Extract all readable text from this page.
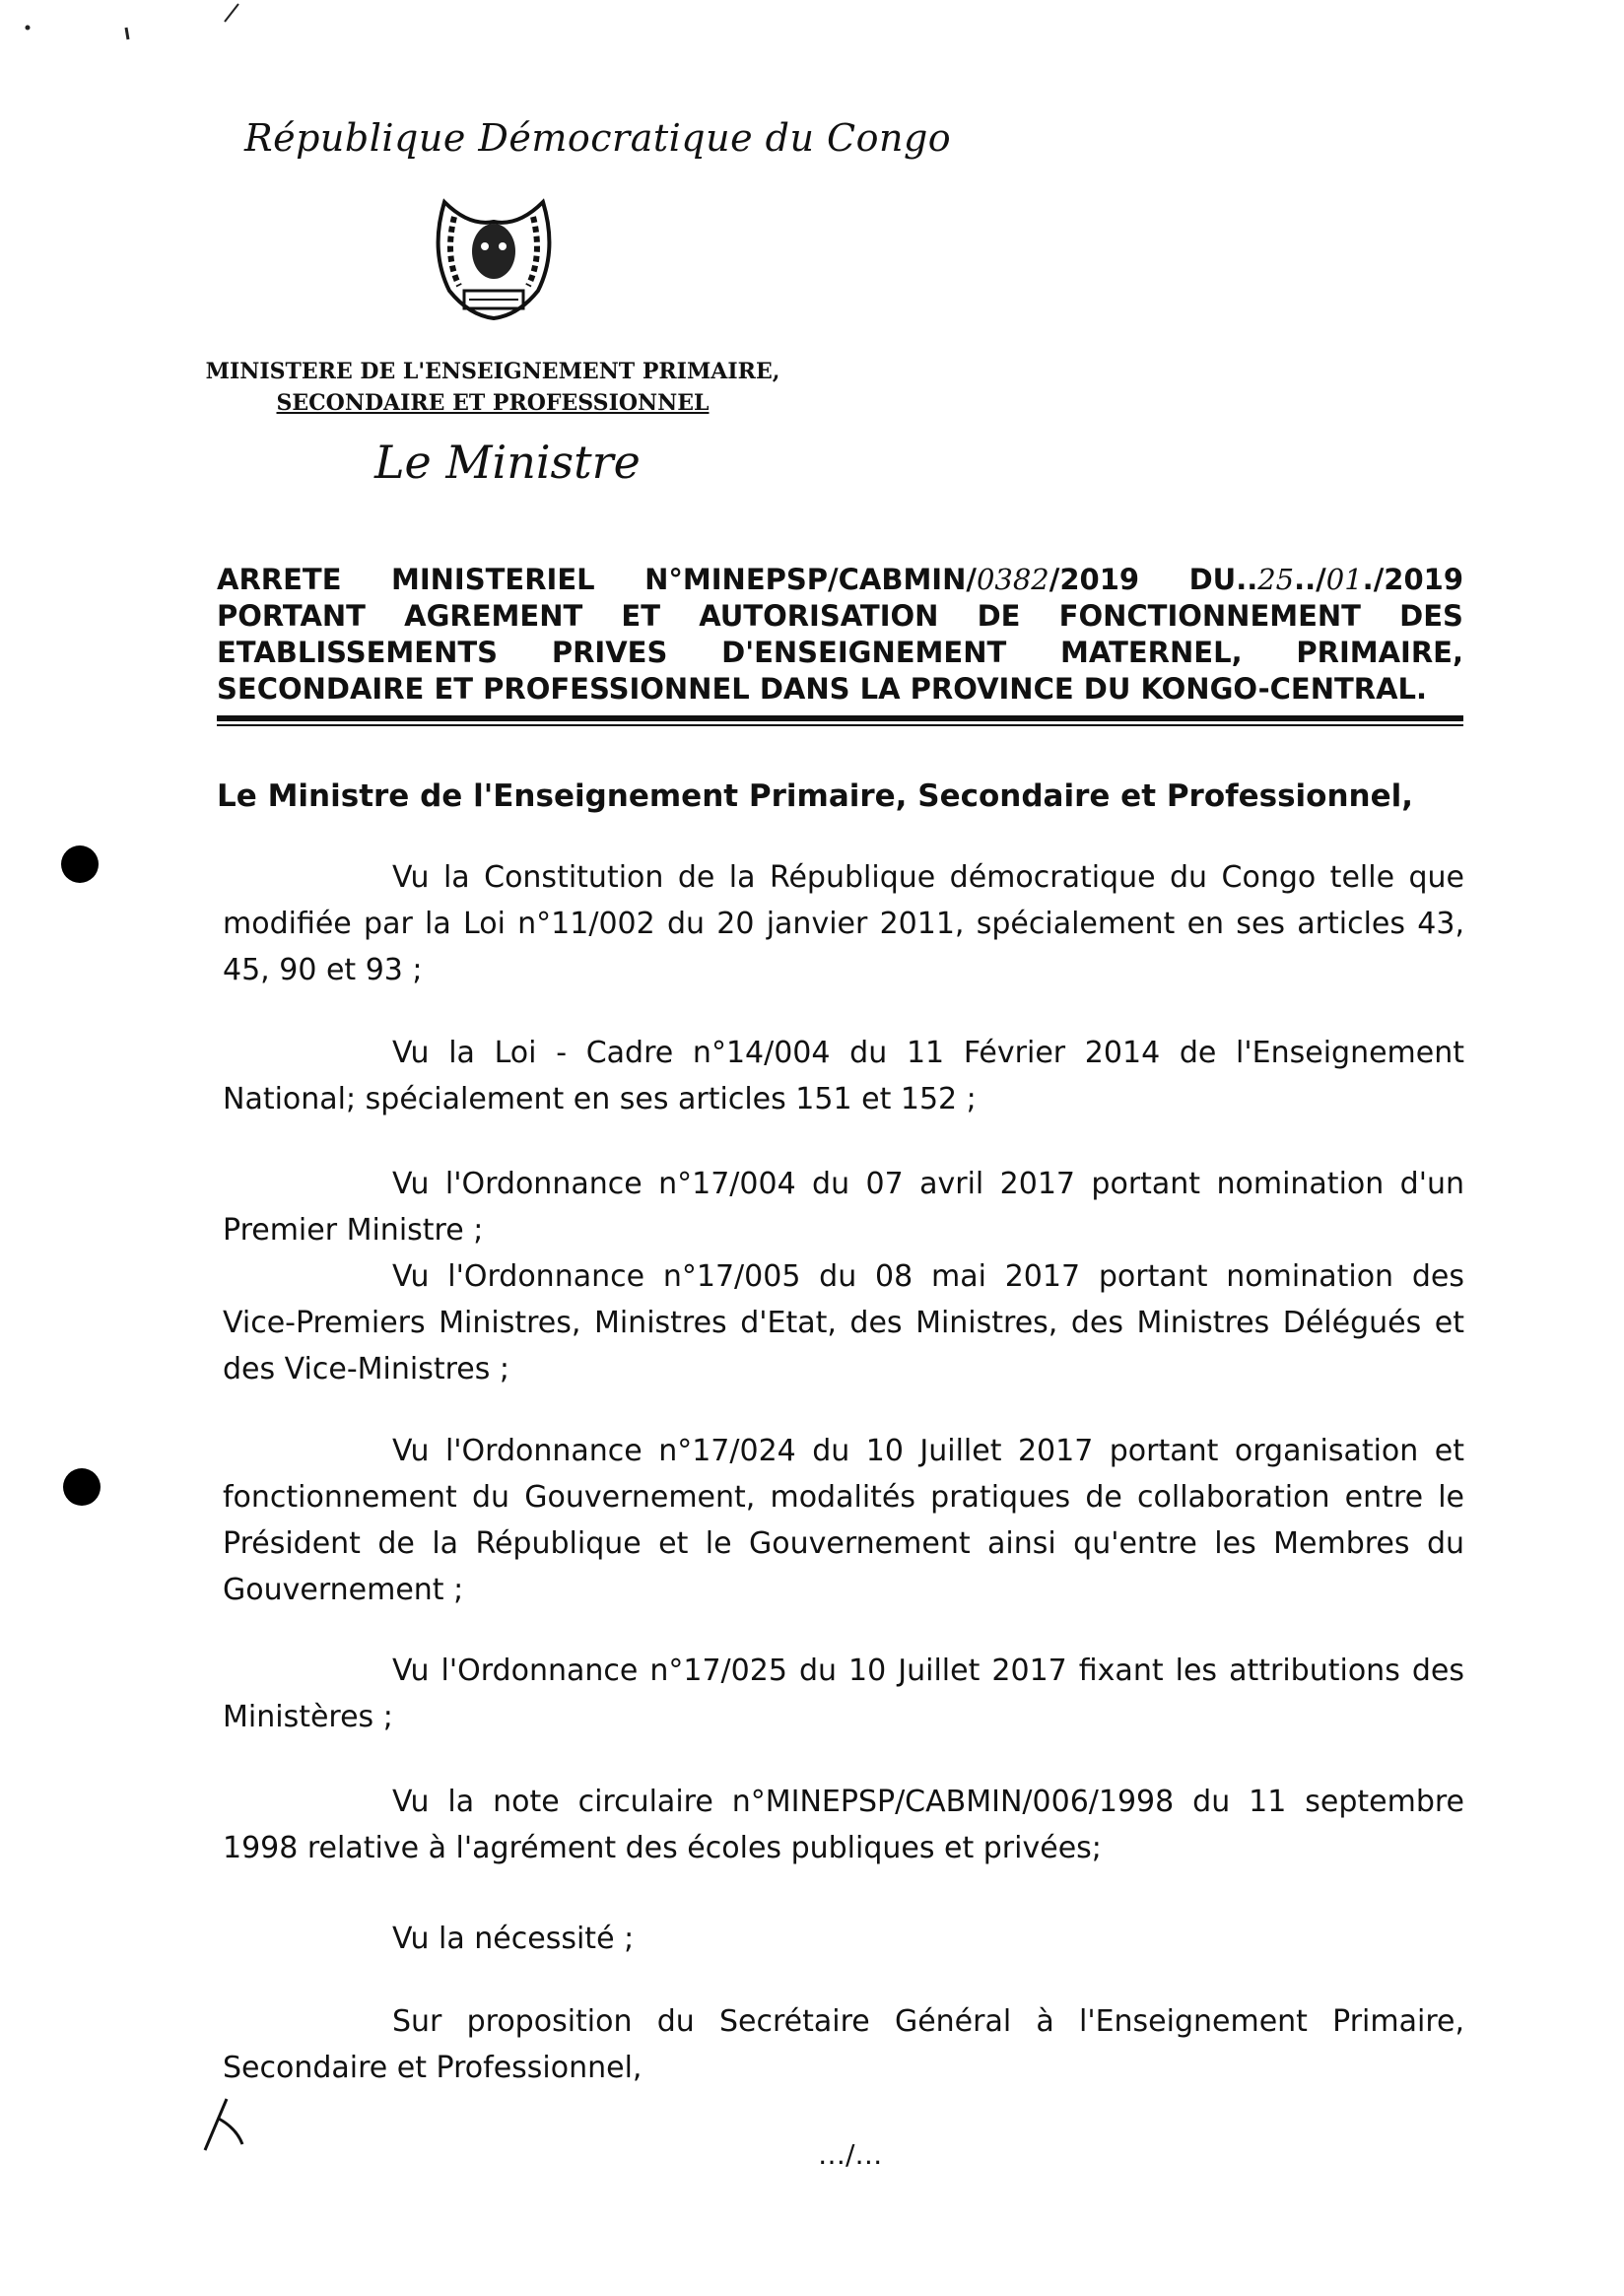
République Démocratique du Congo
MINISTERE DE L'ENSEIGNEMENT PRIMAIRE,
SECONDAIRE ET PROFESSIONNEL
Le Ministre
ARRETE MINISTERIEL N°MINEPSP/CABMIN/0382/2019 DU..25../01./2019
PORTANT AGREMENT ET AUTORISATION DE FONCTIONNEMENT DES
ETABLISSEMENTS PRIVES D'ENSEIGNEMENT MATERNEL, PRIMAIRE,
SECONDAIRE ET PROFESSIONNEL DANS LA PROVINCE DU KONGO-CENTRAL.
Le Ministre de l'Enseignement Primaire, Secondaire et Professionnel,
Vu la Constitution de la République démocratique du Congo telle que modifiée par la Loi n°11/002 du 20 janvier 2011, spécialement en ses articles 43, 45, 90 et 93 ;
Vu la Loi - Cadre n°14/004 du 11 Février 2014 de l'Enseignement National; spécialement en ses articles 151 et 152 ;
Vu l'Ordonnance n°17/004 du 07 avril 2017 portant nomination d'un Premier Ministre ;
Vu l'Ordonnance n°17/005 du 08 mai 2017 portant nomination des Vice-Premiers Ministres, Ministres d'Etat, des Ministres, des Ministres Délégués et des Vice-Ministres ;
Vu l'Ordonnance n°17/024 du 10 Juillet 2017 portant organisation et fonctionnement du Gouvernement, modalités pratiques de collaboration entre le Président de la République et le Gouvernement ainsi qu'entre les Membres du Gouvernement ;
Vu l'Ordonnance n°17/025 du 10 Juillet 2017 fixant les attributions des Ministères ;
Vu la note circulaire n°MINEPSP/CABMIN/006/1998 du 11 septembre 1998 relative à l'agrément des écoles publiques et privées;
Vu la nécessité ;
Sur proposition du Secrétaire Général à l'Enseignement Primaire, Secondaire et Professionnel,
…/…
